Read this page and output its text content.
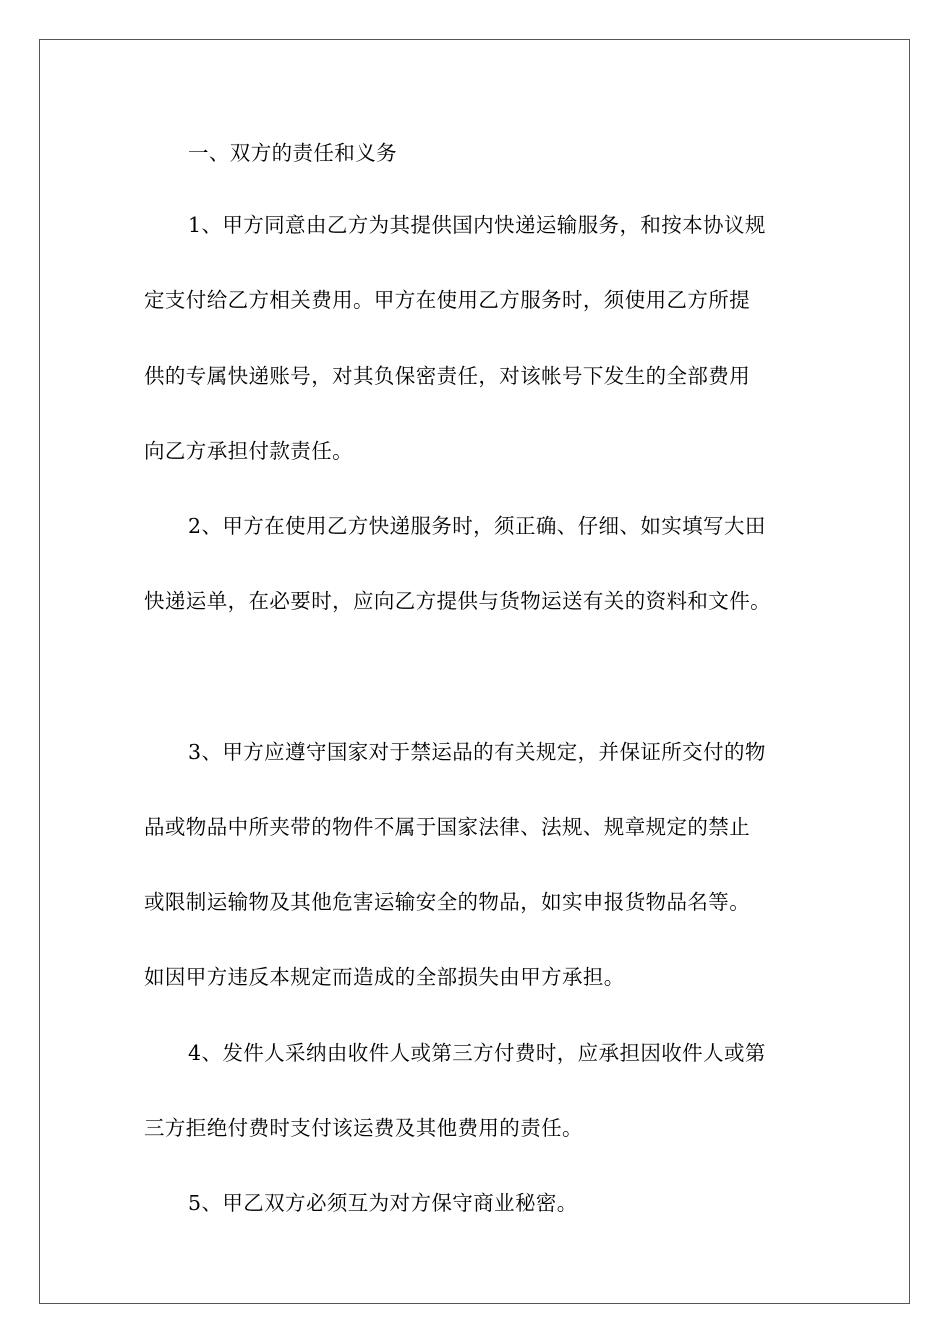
一、双方的责任和义务
1、甲方同意由乙方为其提供国内快递运输服务，和按本协议规
定支付给乙方相关费用。甲方在使用乙方服务时，须使用乙方所提
供的专属快递账号，对其负保密责任，对该帐号下发生的全部费用
向乙方承担付款责任。
2、甲方在使用乙方快递服务时，须正确、仔细、如实填写大田
快递运单，在必要时，应向乙方提供与货物运送有关的资料和文件。
3、甲方应遵守国家对于禁运品的有关规定，并保证所交付的物
品或物品中所夹带的物件不属于国家法律、法规、规章规定的禁止
或限制运输物及其他危害运输安全的物品，如实申报货物品名等。
如因甲方违反本规定而造成的全部损失由甲方承担。
4、发件人采纳由收件人或第三方付费时，应承担因收件人或第
三方拒绝付费时支付该运费及其他费用的责任。
5、甲乙双方必须互为对方保守商业秘密。
